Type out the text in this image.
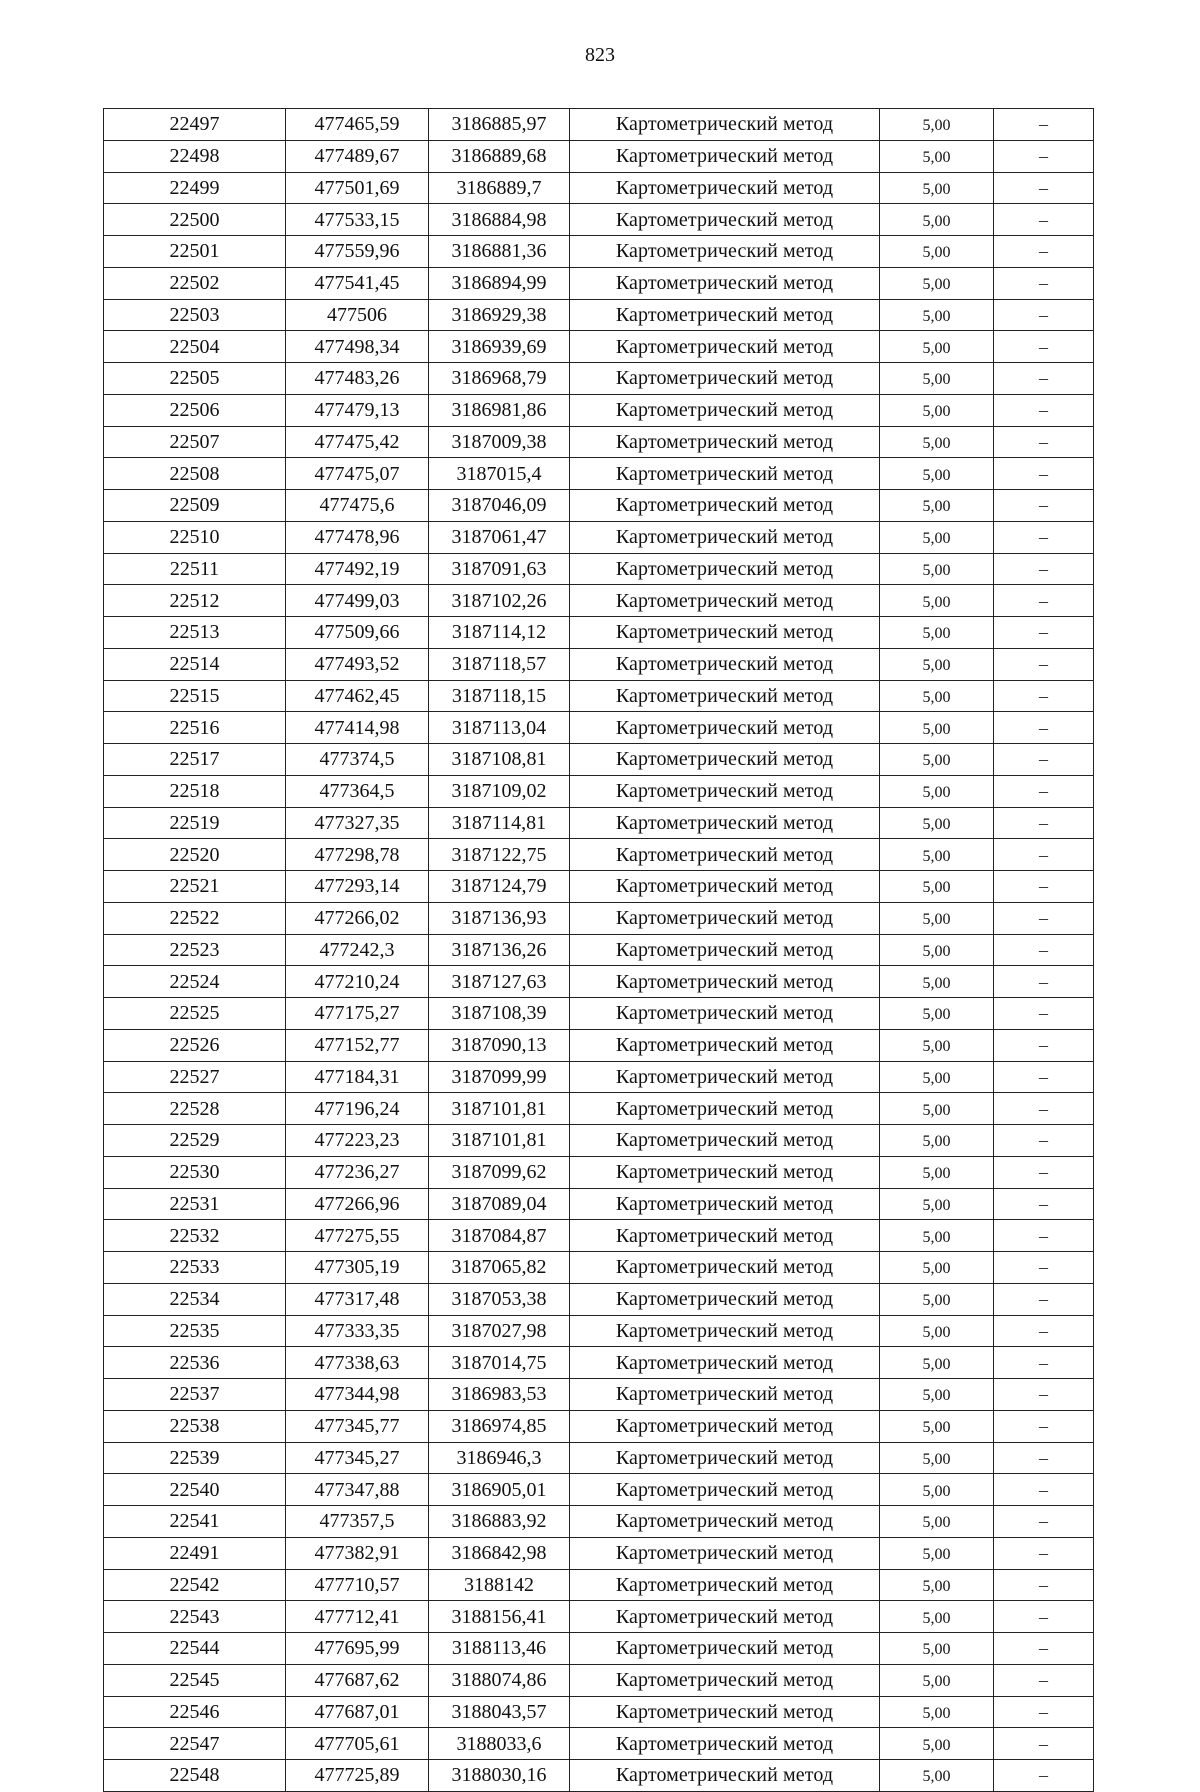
823
22497	477465,59	3186885,97	Картометрический метод	5,00	–
22498	477489,67	3186889,68	Картометрический метод	5,00	–
22499	477501,69	3186889,7	Картометрический метод	5,00	–
22500	477533,15	3186884,98	Картометрический метод	5,00	–
22501	477559,96	3186881,36	Картометрический метод	5,00	–
22502	477541,45	3186894,99	Картометрический метод	5,00	–
22503	477506	3186929,38	Картометрический метод	5,00	–
22504	477498,34	3186939,69	Картометрический метод	5,00	–
22505	477483,26	3186968,79	Картометрический метод	5,00	–
22506	477479,13	3186981,86	Картометрический метод	5,00	–
22507	477475,42	3187009,38	Картометрический метод	5,00	–
22508	477475,07	3187015,4	Картометрический метод	5,00	–
22509	477475,6	3187046,09	Картометрический метод	5,00	–
22510	477478,96	3187061,47	Картометрический метод	5,00	–
22511	477492,19	3187091,63	Картометрический метод	5,00	–
22512	477499,03	3187102,26	Картометрический метод	5,00	–
22513	477509,66	3187114,12	Картометрический метод	5,00	–
22514	477493,52	3187118,57	Картометрический метод	5,00	–
22515	477462,45	3187118,15	Картометрический метод	5,00	–
22516	477414,98	3187113,04	Картометрический метод	5,00	–
22517	477374,5	3187108,81	Картометрический метод	5,00	–
22518	477364,5	3187109,02	Картометрический метод	5,00	–
22519	477327,35	3187114,81	Картометрический метод	5,00	–
22520	477298,78	3187122,75	Картометрический метод	5,00	–
22521	477293,14	3187124,79	Картометрический метод	5,00	–
22522	477266,02	3187136,93	Картометрический метод	5,00	–
22523	477242,3	3187136,26	Картометрический метод	5,00	–
22524	477210,24	3187127,63	Картометрический метод	5,00	–
22525	477175,27	3187108,39	Картометрический метод	5,00	–
22526	477152,77	3187090,13	Картометрический метод	5,00	–
22527	477184,31	3187099,99	Картометрический метод	5,00	–
22528	477196,24	3187101,81	Картометрический метод	5,00	–
22529	477223,23	3187101,81	Картометрический метод	5,00	–
22530	477236,27	3187099,62	Картометрический метод	5,00	–
22531	477266,96	3187089,04	Картометрический метод	5,00	–
22532	477275,55	3187084,87	Картометрический метод	5,00	–
22533	477305,19	3187065,82	Картометрический метод	5,00	–
22534	477317,48	3187053,38	Картометрический метод	5,00	–
22535	477333,35	3187027,98	Картометрический метод	5,00	–
22536	477338,63	3187014,75	Картометрический метод	5,00	–
22537	477344,98	3186983,53	Картометрический метод	5,00	–
22538	477345,77	3186974,85	Картометрический метод	5,00	–
22539	477345,27	3186946,3	Картометрический метод	5,00	–
22540	477347,88	3186905,01	Картометрический метод	5,00	–
22541	477357,5	3186883,92	Картометрический метод	5,00	–
22491	477382,91	3186842,98	Картометрический метод	5,00	–
22542	477710,57	3188142	Картометрический метод	5,00	–
22543	477712,41	3188156,41	Картометрический метод	5,00	–
22544	477695,99	3188113,46	Картометрический метод	5,00	–
22545	477687,62	3188074,86	Картометрический метод	5,00	–
22546	477687,01	3188043,57	Картометрический метод	5,00	–
22547	477705,61	3188033,6	Картометрический метод	5,00	–
22548	477725,89	3188030,16	Картометрический метод	5,00	–
